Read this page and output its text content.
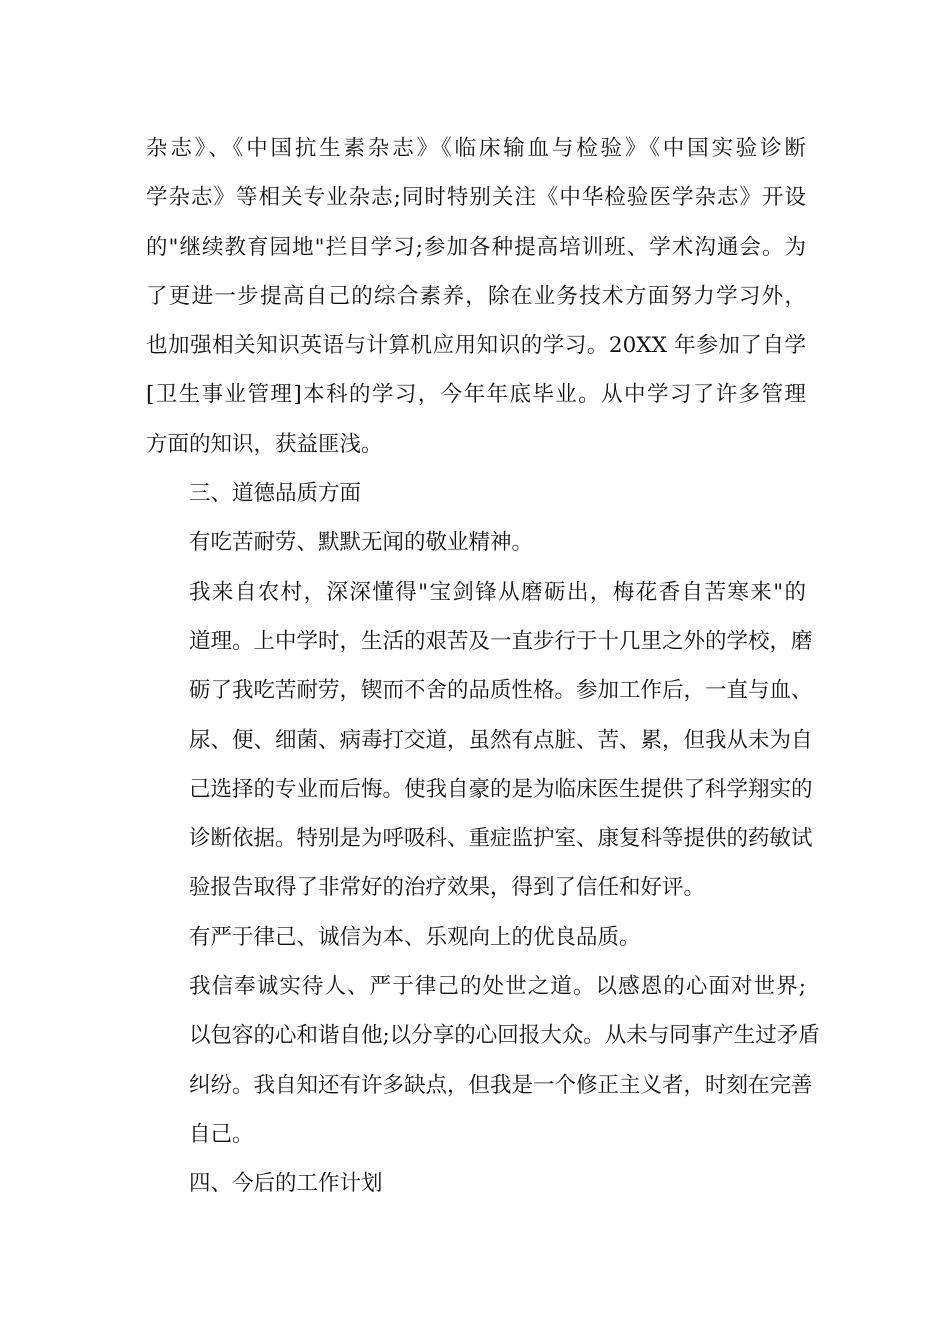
杂志》、《中国抗生素杂志》《临床输血与检验》《中国实验诊断
学杂志》等相关专业杂志;同时特别关注《中华检验医学杂志》开设
的"继续教育园地"拦目学习;参加各种提高培训班、学术沟通会。为
了更进一步提高自己的综合素养，除在业务技术方面努力学习外，
也加强相关知识英语与计算机应用知识的学习。20XX 年参加了自学
[卫生事业管理]本科的学习，今年年底毕业。从中学习了许多管理
方面的知识，获益匪浅。
三、道德品质方面
有吃苦耐劳、默默无闻的敬业精神。
我来自农村，深深懂得"宝剑锋从磨砺出，梅花香自苦寒来"的
道理。上中学时，生活的艰苦及一直步行于十几里之外的学校，磨
砺了我吃苦耐劳，锲而不舍的品质性格。参加工作后，一直与血、
尿、便、细菌、病毒打交道，虽然有点脏、苦、累，但我从未为自
己选择的专业而后悔。使我自豪的是为临床医生提供了科学翔实的
诊断依据。特别是为呼吸科、重症监护室、康复科等提供的药敏试
验报告取得了非常好的治疗效果，得到了信任和好评。
有严于律己、诚信为本、乐观向上的优良品质。
我信奉诚实待人、严于律己的处世之道。以感恩的心面对世界;
以包容的心和谐自他;以分享的心回报大众。从未与同事产生过矛盾
纠纷。我自知还有许多缺点，但我是一个修正主义者，时刻在完善
自己。
四、今后的工作计划
